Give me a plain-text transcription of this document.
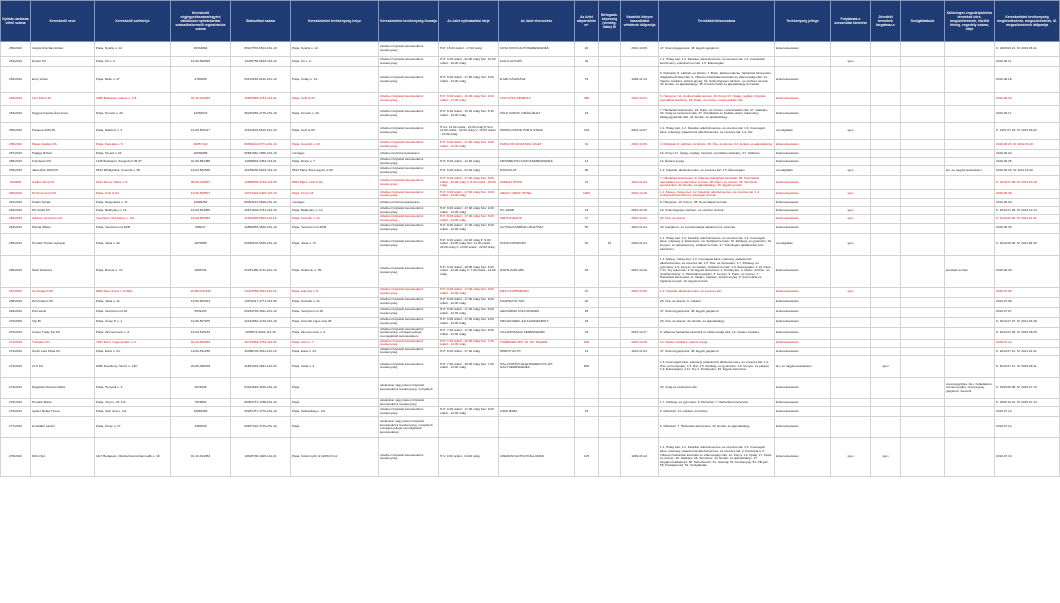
Nyilván-tartásba vételi száma	Kereskedő neve	Kereskedő székhelye	Kereskedő cégjegyzékszáma/egyéni vállalkozói nyilvántartási száma/kistermelő regisztrációs száma	Statisztikai száma	Kereskedelmi tevékenység helye	Kereskedelmi tevékenység formája	Az üzlet nyitvatartási ideje	Az üzlet elnevezése	Az üzlet alapterülete m²	Befogadó-képesség (vendég-látás) fő	Vásárlók könyve használatba vételének időpontja	Termékkörök/sorszáma	Tevékenység jellege	Folytatnak-e szeszesital kimérést	Jövedéki termékek forgalmaz-e	Szolgáltatások	Különleges engedélyköteles termékek köre, megszűnésének, közlött felség, engedély száma, ideje	Kereskedelmi tevékenység megkezdésének, megszűnésének, ill. megszűnésének időpontja
250/2010	Gőgös Krisztián Zoltán	Pápa, Nyárfa u. 12.	15332894	65217576-6513-231-19	Pápa, Nyárfa u. 12.	üzletben folytatott kereskedelmi tevékenység	H-P: 15.00 órától - 17.00 óráig	KICSI KOCSI AUTÓKERESKEDÉS	20		2010.10.05.	47. Személygépkocsi; 48. Egyéb gépjármű	kiskereskedelem					K: 2008.02.21. M: 2010.06.11.
251/2010	Duettó Kft.	Pápa, Kő u. 2.	19-09-508025	13435756-5610-113-19	Pápa, Kő u. 2.	üzletben folytatott kereskedelmi tevékenység	H-P: 9.00 órától - 20.00 óráig Szo: 10.00 órától - 16.00 óráig	FAGYLALTOZÓ	32			1.1. Hideg étel; 1.2. Kávéital, alkoholmentes- és szeszes ital, 1.4. Cukrászati készítmény, édesipari termék, 1.5. Édességáru		igen				2010.06.11.
252/2010	Ecsy István	Pápa, Béke u. 47.	2760058	54115156-5212-231-19	Pápa, Csáky u. 14.	üzletben folytatott kereskedelmi tevékenység	H-P: 8.00 órától - 17.00 óráig Szo: 8.00 órától - 12.00 óráig	E-MIK KÁVAKÁSZ	79		1999.12.14.	6. Ruházati; 8. Lábbeli- és bőráru; 7. Bútor, lakberendezés, háztartási felszerelés, világítástechnikai cikk; 9. Villamos háztartási készülék és villamossági cikk; 14. Vasáru, barkács, építési anyag; 19. Számítógépes hardver- és szoftver termék; 43. Emlék- és ajándéktárgy; 45. Kreatív-hobbi és ajándéktárgy termékek	kiskereskedelem					2010.06.18.
253/2010	Lino Kölnü Zrt.	1086 Budapest, Dankó u. 4-8.	01-10-042263	10851665-4761-114-01	Pápa, Celli út 25.	üzletben folytatott kereskedelmi tevékenység	H-P: 9.00 órától - 19.00 óráig Szo: 9.00 órától - 17.00 óráig	LINO KÖNYVESBOLT	486		2010.10.21.	6. Hangszer; 11. Audiovizuális termék; 16. Könyv;17. Újság, napilap, folyóirat, periodikus kiadvány; 18. Papír- és írószer, művészellátó cikk	kiskereskedelem					2010.06.18.
254/2010	Nagyné Kaszas Éva Anna	Pápa, Temető u. 26.	14260673	65226259-4776-231-19	Pápa, Temető u. 26.	üzletben folytatott kereskedelmi tevékenység	H-P: 8.30 órától - 15.30 óráig Szo: 8.30 órától - 12.00 óráig	ZÖLD SAROK VIRÁGÜZLET	19			7. Háztartási felszerelés, 18. Papír- és írószer, művészellátó cikk, 27. Játékáru, 30. Virág és kertészeti cikk, 37. Díszállatok és kisállat-eledel, takarmány, állatgyógyászati cikk, 43. Emlék- és ajándéktárgy	kiskereskedelem					2010.06.17.
255/2010	Panama 2001 Bt.	Pápa, Rákóczi u. 3.	19-06-506147	21104109-5610-212-19	Pápa, Celli út 65.	üzletben folytatott kereskedelmi tevékenység	H-Cs: 12.00 órától - 23.00 óráig P-Szo: 12.00 órától - 02.00 óráig V: 15.00 órától - 23.00 óráig	ÖRDÖG PINCE PUB & STEAK	119		2001.12.07.	1.1. Hideg étel; 1.2. Kávéital, alkoholmentes- és szeszes ital; 1.3. Csomagolt kávé, édesség; palackozott alkoholmentes- és szeszes ital; 1.4. Sör	vendéglátás	igen				K: 1997.07.24. M: 2010.06.23.
256/2010	Pápai Ingatlan Kft.	Pápa, Fazekas u. 5.	20657142	66394102-6771-231-19	Pápa, Kossuth u. 23.	üzletben folytatott kereskedelmi tevékenység	H-P: 9.00 órától - 17.00 óráig Szo: 9.00 órától - 12.00 óráig	PAPAI NŐI DIVATÁRU ÜZLET	30		2010.10.06.	4. Ruházati; 6. Lábbeli- és bőráru; 25. Óra- és ékszer; 43. Emlék- és ajándéktárgy	kiskereskedelem					2010.06.23. M: 2012.03.20.
257/2010	Palágyi Róbert	Pápa, Tavasz u.23.	20930085	66581062-7890-231-19	országos	üzletben kívüli kereskedelem						16. Könyv;17. Újság, napilap, folyóirat, periodikus kiadvány; 27. Játékáru	kiskereskedelem					2010.06.22.
258/2010	Frissbetön Kft.	1135 Budapest, Szegedi út 35-37	01-09-884485	14008894-2363-113-01	Pápa, Rozja u. 7.	üzletben folytatott kereskedelmi tevékenység	H-P: 8.00 órától - 14.30 óráig	FRISSBETON KAVICSKERESKEDÉS	12			14. Építési anyag	kiskereskedelem					2010.06.25.
259/2010	Jákó-Klub 2003 Kft.	8513 Mihályháza, Kossuth u. 86.	19-03-500535	22185230-5610-113-19	8513 Pápa, Borsosgyőri út 65.	üzletben folytatott kereskedelmi tevékenység	H-P: 6.00 órától - 22.00 óráig	HANGULAT	90			1.2. Kávéital, alkoholmentes- és szeszes ital; 1.5. Édességáru	vendéglátás	igen			kis- és nagykereskedelem	2010.06.29. M: 2011.10.29.
26/2005	Andlex Shop Kft.	9141 Ikrény, Rába u. 5.	08-09-016807	14889536-4719-113-08	8500 Pápa, Celli út 92.	üzletben folytatott kereskedelmi tevékenység	H-P: 9.00 órától - 17.00 óráig Szo: 8.00 órától - 20.00 óráig V: 8.00 órától - 20.00 óráig	ANDLEX SHOP	15		2010.11.04.	7. Háztartási felszerelés, 9. Villamos háztartási készülék; 28. Kozmetikai tapcsalatos nem élelmiszer termék; 18. Papír- és írószer; 26. Sportszer, sporteszköz; 43. Emlék- és ajándéktárgy; 46. Egyéb termék	kiskereskedelem					K: 2010.07.09. M: 2012.03.18.
260/2010	Horizont Versi Kft.	Pápa, Celli út 64.	19-09-508507	13741422-6420-113-19	Pápa, Fő tér 15.	üzletben folytatott kereskedelmi tevékenység	H-P: 9.00 órától - 17.00 óráig Szo: 9.00 órától - 12.00 óráig	ARANY GRIFF HOTEL	1000		2010.10.18.	1.1. Meleg-, hideg étel; 1.2. Kávéital, alkoholmentes- és szeszes ital; 1.4. Cukrászati készítmény, édesipari termék	kiskereskedelem	igen				2010.06.28.
261/2010	Szabó Tamás	Pápa, Nagyvárad u. 47.	12895262	65053212-9529-231-19	országos	üzletben kívüli kereskedelem						8. Hangszer; 16. Könyv; 48. Nyomdaipari termék	kiskereskedelem					2010.06.29.
262/2010	PC-Szabi Kft.	Pápa, Batthyány u. 14.	19-09-523965	22571604-4741-113-19	Pápa, Batthyány u. 14.	üzletben folytatott kereskedelmi tevékenység	H-P: 9.00 órától - 17.00 óráig Szo: 9.00 órától - 12.00 óráig	PC-SZABI	43		2010.10.19.	19. Számítógépes hardver- és szoftver termék;	kiskereskedelem	igen				K: 2010.07.09. M: 2013.12.14.
263/2010	Alliance-Veszprém Kft.	Veszprém, Munkácsy u. 3/A	19-09-505853	11466328-6810-113-19	Pápa, Kossuth u. 22.	üzletben folytatott kereskedelmi tevékenység	H-P: 8.00 órától - 17.00 óráig Szo: 8.00 órától - 12.00 óráig	PEDS EVEZŐK	27		2010.10.22.	25. Óra- és ékszer	kiskereskedelem	igen				K: 2010.06.30. M: 2011.12.31.
264/2010	Molnár Mátés	Pápa, Veszprémi út 40/B	696017	44886255-4532-231-19	Pápa, Veszprémi út 40/B	üzletben folytatott kereskedelmi tevékenység	H-P: 8.00 órától - 17.00 óráig Szo: 8.00 órától - 12.00 óráig	AUTÓALKATRÉSZ ÜZLETHÁZ	50		2010.11.04.	49. Gépjármű- és motorkerékpár-alkatrész és -tartozék	kiskereskedelem					2010.06.30.
265/2010	Horváth Tamás Gyuláné	Pápa, Jókai u. 92.	2879588	62468278-5610-231-19	Pápa, Jókai u. 72.	üzletben folytatott kereskedelmi tevékenység	H-P: 9.00 órától - 23.00 óráig P: 9.00 órától - 24.00 óráig Szo: 11.00 órától - 24.00 óráig V: 10.00 órától - 22.00 óráig	SONILO BOROZÓ	40	15	2002.01.04.	1.1. Hideg étel; 1.2. Kávéital, alkoholmentes- és szeszes ital; 1.3. Csomagolt kávé, édesség; 2. Élelmiszer; 14. Sütőipari termék; 15. Zöldség- és gyümölcs; 16. Kenyér- és péksütemény, sütőipari termék, 17. Különleges táplálkozási célú élelmiszer	vendéglátás	igen				K: 2010.06.30. M: 2011.09.30.
266/2010	Modi Szabolcs	Pápa, Bocsor u. 70.	1866704	62251480-4711-231-19	Pápa, Szabó E. u. 50.	üzletben folytatott kereskedelmi tevékenység	H-P: 6.00 órától - 18.00 óráig Szo: 6.00 órától - 14.00 óráig V: 7.00 órától - 12.00 óráig	NAPSUGÁR ABC	54		2010.10.29.	1.1. Meleg-, hideg étel; 1.3. Csomagolt kávé, édesség, palackozott alkoholmentes- és szeszes ital; 1.5. Hús- és hentesáru; 1.7. Zöldség- és gyümölcs; 1.8. Kenyér- és pékárú, sütőipari termék; 1.9. Édességáru; 1.10. Kávé; 1.11. Tej, tejtermék; 1.12. Egyéb élelmiszer; 2. Dohányáru; 3. Mosó-, tisztító-, és fertőtlenítőszer; 4. Háztartási papíráru; 5. Kenyér, 6. Papír- és írószer, 7. Háztartási felszerelés, 8. Vasáru, barkács, építési anyag; 9. Kozmetikai és higiéniai termék; 10. Egyéb termék	kiskereskedelem				jövedéki termék	2010.06.30.
267/2010	Co-Hegtech Kft.	8400 Ajka, Szent I. út 59/A	19-09-515-834	14447858-4511-113-19	Pápa, Ady Ady u. 8.	üzletben folytatott kereskedelmi tevékenység	H-P: 9.00 órától - 17.00 óráig Szo: 9.00 órától - 12.00 óráig	MINI CSÜPPMESZÜ	40		2010.10.05.	1.2. Kávéital, alkoholmentes- és szeszes ital;	kiskereskedelem	igen				2010.07.06.
268/2010	Pénzmalom Kft.	Pápa, Jókai u. 11.	19-09-500314	14979417-4771-113-08	Pápa, Kossuth u. 21.	üzletben folytatott kereskedelmi tevékenység	H-P: 8.00 órától - 17.00 óráig Szo: 8.00 órától - 12.00 óráig	FILMTEXTIL-TEX	40			25. Óra- és ékszer; 6. Lábbeli	kiskereskedelem					2010.07.08.
269/2010	Pál László	Pápa, Veszprémi út 30.	5539153	63254746-4511-231-19	Pápa, Veszprémi út 30.	üzletben folytatott kereskedelmi tevékenység	H-P: 8.00 órától - 17.00 óráig Szo: 8.00 órától - 12.00 óráig	GÉPJÁRMŰ KÖLCSÖNZÉS	25			47. Személygépkocsi; 48. Egyéb gépjármű	kiskereskedelem					2010.07.07.
270/2009	Tigi Bt.	Pápa, Árvay P. u. 1.	19-06-507875	22132062-4719-212-19	Pápa, Kossuth Lajos utca 26.	üzletben folytatott kereskedelmi tevékenység	H-P: 9.00 órától - 17.00 óráig Szo: 9.00 órától - 12.00 óráig	MINI ÉKSZER- ÉS AJÁNDÉKBOLT	18			25. Óra- és ékszer; 43. Emlék- és ajándéktárgy	kiskereskedelem					K: 2010.07.07. M: 2011.02.28.
270/2010	Amper Trade Kis Kft.	Pápa, Zimmermann u. 6.	19-09-515193	2295072-4643-113-19	Pápa, Zimmermann u. 6.	üzletben folytatott kereskedelmi tevékenység, országos jellegű csomagküldő kereskedelem	H-P: 7.00 órától - 17.00 óráig Szo: 8.00 órától - 12.00 óráig	VILLAMOSSÁGI KERESKEDÉS	15		2010.10.27.	9. Villamos háztartási készülék és villamossági cikk; 14. Vasáru, barkács	kiskereskedelem					K: 2010.07.06. M: 2010.08.25.
271/2010	Tüzépker Zrt.	7621 Pécs, Ingyenszabó u. 5.	02-10-060564	10743363-4752-114-02	Pápa, Gém u. 7.	üzletben folytatott kereskedelmi tevékenység	H-P: 7.00 órától - 16.00 óráig Szo: 7.00 órától - 12.00 óráig	TÜZÉPKER ZRT. 32. SZ. TELEPE	520		2010.10.28.	14. Vasáru, barkács, építési anyag	kiskereskedelem					2010.07.12.
272/2010	Sprint Autó Pápa Kft.	Pápa, Erkel u. 34.	19-09-511255	22986133-4511-113-19	Pápa, Erkel u. 34.	üzletben folytatott kereskedelmi tevékenység	H-P: 8.00 órától - 17.00 óráig	SPRINT AUTÓ	12		2010.11.03.	47. Személygépkocsi; 48. Egyéb gépjármű	kiskereskedelem					K: 2010.07.12. M: 2011.01.31.
273/2010	Zi-Ő Kft.	8360 Keszthely, Hévízi u. 130.	20-09-068218	11851015-4631-113-20	Pápa, Várai u. 2.	üzletben folytatott kereskedelmi tevékenység	H-P: 7.00 órától - 18.00 óráig Szo: 7.00 órától - 13.00 óráig	ITAL-DOHÁNY-ÉLELMISZER KIS- ÉS NAGYKERESKEDÉS	800			1.3. Csomagolt kávé, édesség; palackozott alkoholmentes- és szeszes ital; 1.4. Hús- és hentesáru; 1.5. Hal; 1.6. Zöldség- és gyümölcs; 1.8. Kenyér- és pékárú; 1.9. Édességáru; 1.11. Tej; 2. Dohányáru; 46. Egyéb élelmiszer	kis- és nagykereskedelem		igen			K: 2010.07.12. M: 2010.08.11.
274/2010	Nagyfalvi Ruszics Mária	Pápa, Hunyadi u. 3.	2576946	54321629-4519-231-19	Pápa	vásárokon vagy piacon folytatott kereskedelmi tevékenység, mozgóbolt						30. Virág és kertészeti cikk	kiskereskedelem				szeszesgyűjtés, fém, hulladékáru, szenesnyugbú, üzemanyag, gépjármű, kanonik	K: 1995.06.08. M: 2010.07.13.
275/2010	Horváth Mária	Pápa, Vinyi u. 23. 1/4.	7878862	60054737-4789-231-19	Pápa	vásárokon vagy piacon folytatott kereskedelmi tevékenység						1.7. Zöldség- és gyümölcs; 6. Ruházati; 7. Háztartási felszerelés	kiskereskedelem					K: 2008.10.31. M: 2010.07.13.
276/2010	Ignácz Beáta Tímea	Pápa, Szél utca u. 1/A	19982665	60281757-4779-231-19	Pápa, Szabadság u. 1/A	üzletben folytatott kereskedelmi tevékenység	H-P: 9.00 órától - 17.00 óráig Szo: 9.00 órától - 12.00 óráig	CSINI BABA	15			6. Ruházati; 14. Lábbeli- és bőráru	kiskereskedelem					2010.07.12.
277/2010	Kondákhi László	Pápa, Árvay u. 27.	2350026	60657316-4719-231-19	Pápa	vásárokon vagy piacon folytatott kereskedelmi tevékenység, mozgóbolt, országos jellegű csomagküldő kereskedelem						6. Ruházati; 7. Háztartási felszerelés; 43. Emlék- és ajándéktárgy	kiskereskedelem					2010.07.12.
278/2010	MOL Nyrt.	1117 Budapest, Októberhuszonharmadik u. 18.	01-10-041683	10625790-1920-114-01	Pápa, Külső Győri út 0225/2 hrsz.	üzletben folytatott kereskedelmi tevékenység	H-V: 0.00 órától - 24.00 óráig	ÜZEMANYAGTÖLTŐÁLLOMÁS	125		1999.03.12.	1.1. Hideg étel; 1.2. Kávéital, alkoholmentes- és szeszes ital; 1.3. Csomagolt kávé, édesség, palackozott alkoholmentes- és szeszes ital; 2. Dohányáru; 9. Villamos háztartási készülék és villamossági cikk; 12. Könyv; 13. Újság; 17. Papír- és írószer; 18. Játékáru; 26. Sportszer; 43. Emlék- és ajándéktárgy; 47. Gépjármű-alkatrész; 50. Motorbenzin; 51. Gázolaj; 52. Kenőanyag; 53. PB gáz; 55. Kőolajtermék; 54. Szolgáltatás	kiskereskedelem	igen	igen			2010.07.13.
